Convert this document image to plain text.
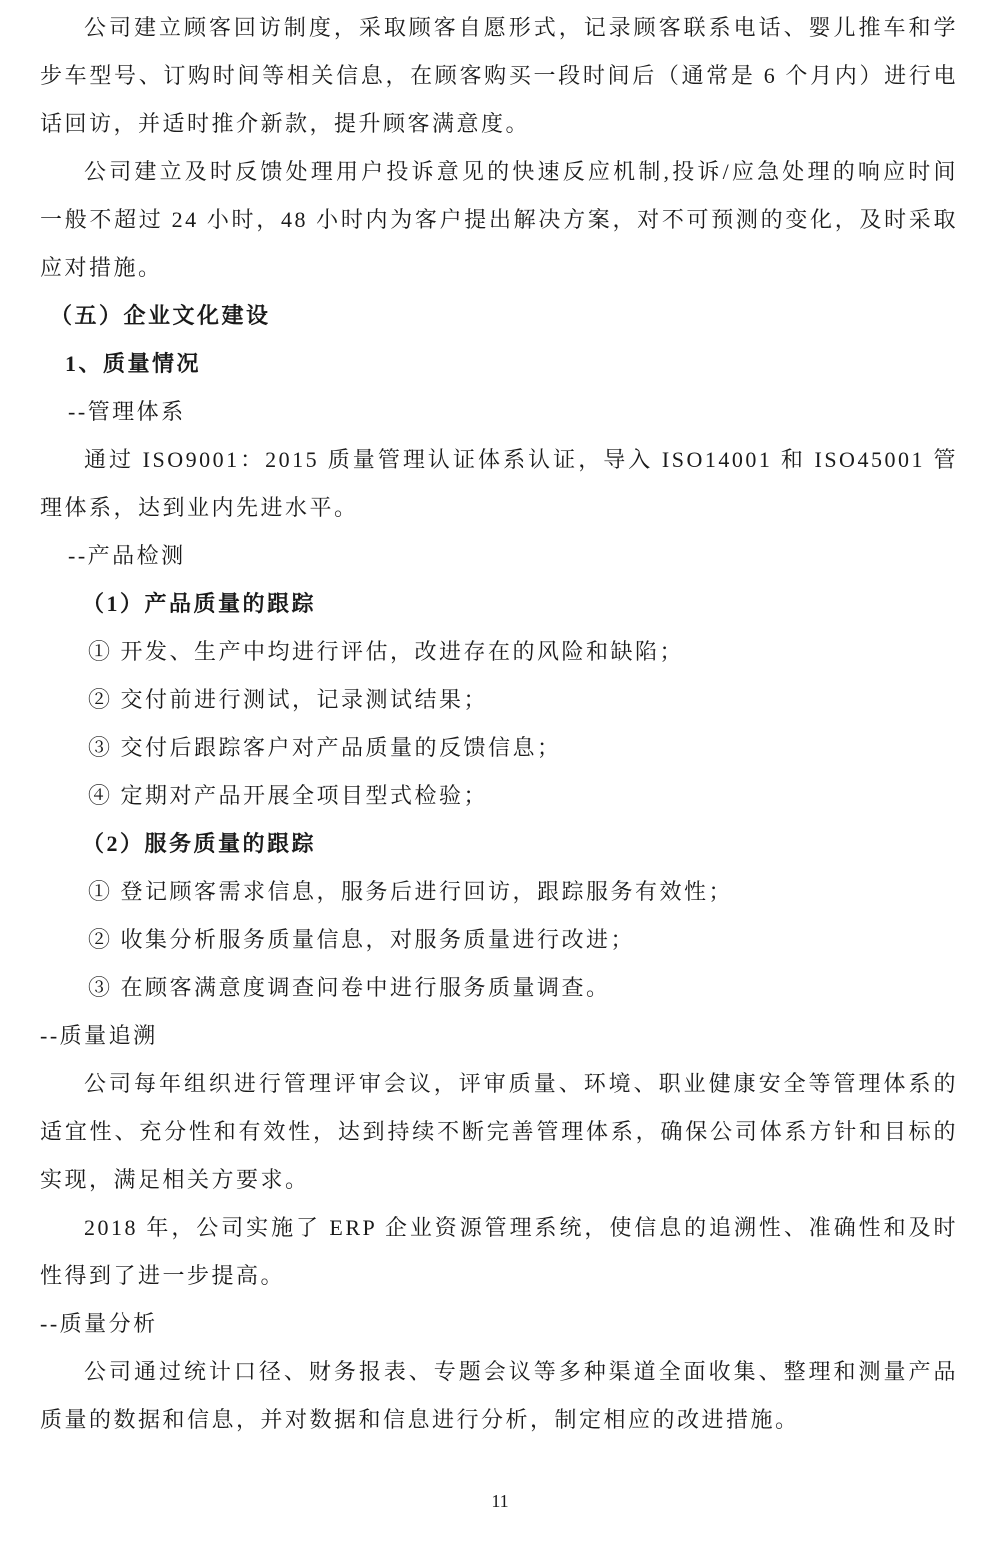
公司建立顾客回访制度，采取顾客自愿形式，记录顾客联系电话、婴儿推车和学步车型号、订购时间等相关信息，在顾客购买一段时间后（通常是 6 个月内）进行电话回访，并适时推介新款，提升顾客满意度。

公司建立及时反馈处理用户投诉意见的快速反应机制,投诉/应急处理的响应时间一般不超过 24 小时，48 小时内为客户提出解决方案，对不可预测的变化，及时采取应对措施。

（五）企业文化建设

1、质量情况

--管理体系

通过 ISO9001：2015 质量管理认证体系认证，导入 ISO14001 和 ISO45001 管理体系，达到业内先进水平。

--产品检测

（1）产品质量的跟踪

① 开发、生产中均进行评估，改进存在的风险和缺陷；

② 交付前进行测试，记录测试结果；

③ 交付后跟踪客户对产品质量的反馈信息；

④ 定期对产品开展全项目型式检验；

（2）服务质量的跟踪

① 登记顾客需求信息，服务后进行回访，跟踪服务有效性；

② 收集分析服务质量信息，对服务质量进行改进；

③ 在顾客满意度调查问卷中进行服务质量调查。

--质量追溯

公司每年组织进行管理评审会议，评审质量、环境、职业健康安全等管理体系的适宜性、充分性和有效性，达到持续不断完善管理体系，确保公司体系方针和目标的实现，满足相关方要求。

2018 年，公司实施了 ERP 企业资源管理系统，使信息的追溯性、准确性和及时性得到了进一步提高。

--质量分析

公司通过统计口径、财务报表、专题会议等多种渠道全面收集、整理和测量产品质量的数据和信息，并对数据和信息进行分析，制定相应的改进措施。

11
